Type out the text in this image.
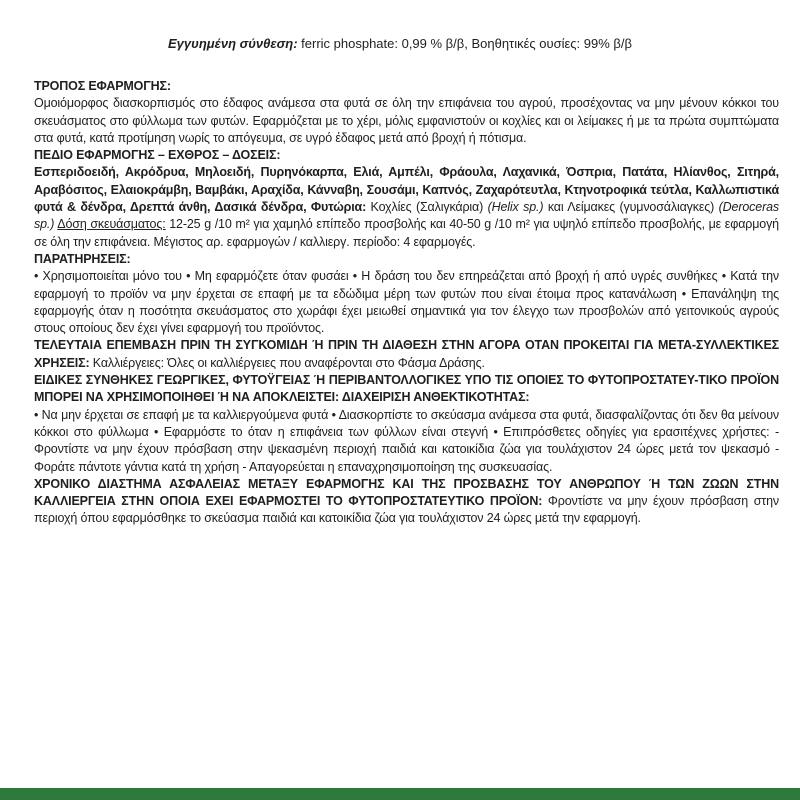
Εγγυημένη σύνθεση: ferric phosphate: 0,99 % β/β, Βοηθητικές ουσίες: 99% β/β

ΤΡΟΠΟΣ ΕΦΑΡΜΟΓΗΣ:

Ομοιόμορφος διασκορπισμός στο έδαφος ανάμεσα στα φυτά σε όλη την επιφάνεια του αγρού, προσέχοντας να μην μένουν κόκκοι του σκευάσματος στο φύλλωμα των φυτών. Εφαρμόζεται με το χέρι, μόλις εμφανιστούν οι κοχλίες και οι λείμακες ή με τα πρώτα συμπτώματα στα φυτά, κατά προτίμηση νωρίς το απόγευμα, σε υγρό έδαφος μετά από βροχή ή πότισμα.

ΠΕΔΙΟ ΕΦΑΡΜΟΓΗΣ – ΕΧΘΡΟΣ – ΔΟΣΕΙΣ:

Εσπεριδοειδή, Ακρόδρυα, Μηλοειδή, Πυρηνόκαρπα, Ελιά, Αμπέλι, Φράουλα, Λαχανικά, Όσπρια, Πατάτα, Ηλίανθος, Σιτηρά, Αραβόσιτος, Ελαιοκράμβη, Βαμβάκι, Αραχίδα, Κάνναβη, Σουσάμι, Καπνός, Ζαχαρότευτλα, Κτηνοτροφικά τεύτλα, Καλλωπιστικά φυτά & δένδρα, Δρεπτά άνθη, Δασικά δένδρα, Φυτώρια: Κοχλίες (Σαλιγκάρια) (Helix sp.) και Λείμακες (γυμνοσάλιαγκες) (Deroceras sp.) Δόση σκευάσματος: 12-25 g /10 m² για χαμηλό επίπεδο προσβολής και 40-50 g /10 m² για υψηλό επίπεδο προσβολής, με εφαρμογή σε όλη την επιφάνεια. Μέγιστος αρ. εφαρμογών / καλλιεργ. περίοδο: 4 εφαρμογές.

ΠΑΡΑΤΗΡΗΣΕΙΣ:

• Χρησιμοποιείται μόνο του • Μη εφαρμόζετε όταν φυσάει • Η δράση του δεν επηρεάζεται από βροχή ή από υγρές συνθήκες • Κατά την εφαρμογή το προϊόν να μην έρχεται σε επαφή με τα εδώδιμα μέρη των φυτών που είναι έτοιμα προς κατανάλωση • Επανάληψη της εφαρμογής όταν η ποσότητα σκευάσματος στο χωράφι έχει μειωθεί σημαντικά για τον έλεγχο των προσβολών από γειτονικούς αγρούς στους οποίους δεν έχει γίνει εφαρμογή του προϊόντος.

ΤΕΛΕΥΤΑΙΑ ΕΠΕΜΒΑΣΗ ΠΡΙΝ ΤΗ ΣΥΓΚΟΜΙΔΗ Ή ΠΡΙΝ ΤΗ ΔΙΑΘΕΣΗ ΣΤΗΝ ΑΓΟΡΑ ΟΤΑΝ ΠΡΟΚΕΙΤΑΙ ΓΙΑ ΜΕΤΑ-ΣΥΛΛΕΚΤΙΚΕΣ ΧΡΗΣΕΙΣ: Καλλιέργειες: Όλες οι καλλιέργειες που αναφέρονται στο Φάσμα Δράσης.

ΕΙΔΙΚΕΣ ΣΥΝΘΗΚΕΣ ΓΕΩΡΓΙΚΕΣ, ΦΥΤΟΫΓΕΙΑΣ Ή ΠΕΡΙΒΑΝΤΟΛΛΟΓΙΚΕΣ ΥΠΟ ΤΙΣ ΟΠΟΙΕΣ ΤΟ ΦΥΤΟΠΡΟΣΤΑΤΕΥ-ΤΙΚΟ ΠΡΟΪΟΝ ΜΠΟΡΕΙ ΝΑ ΧΡΗΣΙΜΟΠΟΙΗΘΕΙ Ή ΝΑ ΑΠΟΚΛΕΙΣΤΕΙ: ΔΙΑΧΕΙΡΙΣΗ ΑΝΘΕΚΤΙΚΟΤΗΤΑΣ:

• Να μην έρχεται σε επαφή με τα καλλιεργούμενα φυτά • Διασκορπίστε το σκεύασμα ανάμεσα στα φυτά, διασφαλίζοντας ότι δεν θα μείνουν κόκκοι στο φύλλωμα • Εφαρμόστε το όταν η επιφάνεια των φύλλων είναι στεγνή • Επιπρόσθετες οδηγίες για ερασιτέχνες χρήστες: - Φροντίστε να μην έχουν πρόσβαση στην ψεκασμένη περιοχή παιδιά και κατοικίδια ζώα για τουλάχιστον 24 ώρες μετά τον ψεκασμό - Φοράτε πάντοτε γάντια κατά τη χρήση - Απαγορεύεται η επαναχρησιμοποίηση της συσκευασίας.

ΧΡΟΝΙΚΟ ΔΙΑΣΤΗΜΑ ΑΣΦΑΛΕΙΑΣ ΜΕΤΑΞΥ ΕΦΑΡΜΟΓΗΣ ΚΑΙ ΤΗΣ ΠΡΟΣΒΑΣΗΣ ΤΟΥ ΑΝΘΡΩΠΟΥ Ή ΤΩΝ ΖΩΩΝ ΣΤΗΝ ΚΑΛΛΙΕΡΓΕΙΑ ΣΤΗΝ ΟΠΟΙΑ ΕΧΕΙ ΕΦΑΡΜΟΣΤΕΙ ΤΟ ΦΥΤΟΠΡΟΣΤΑΤΕΥΤΙΚΟ ΠΡΟΪΟΝ: Φροντίστε να μην έχουν πρόσβαση στην περιοχή όπου εφαρμόσθηκε το σκεύασμα παιδιά και κατοικίδια ζώα για τουλάχιστον 24 ώρες μετά την εφαρμογή.
